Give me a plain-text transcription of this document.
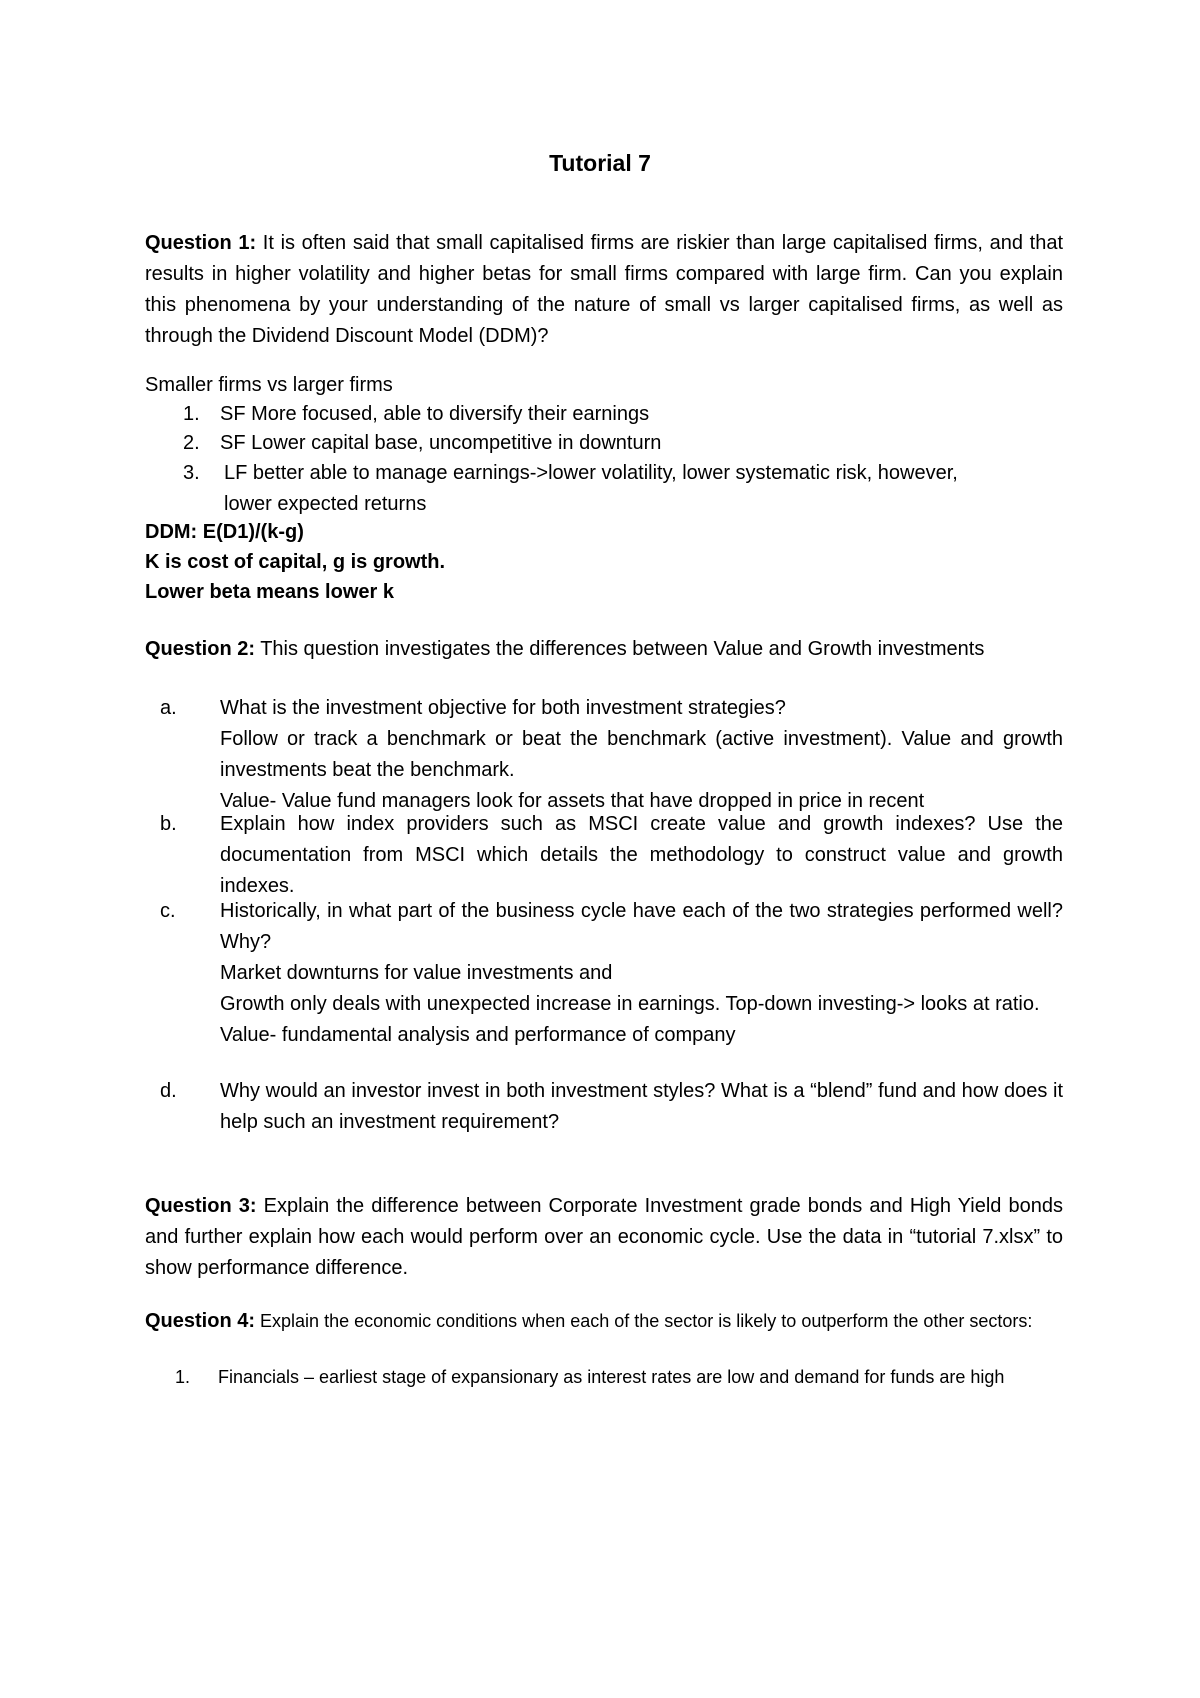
Tutorial 7
Question 1: It is often said that small capitalised firms are riskier than large capitalised firms, and that results in higher volatility and higher betas for small firms compared with large firm. Can you explain this phenomena by your understanding of the nature of small vs larger capitalised firms, as well as through the Dividend Discount Model (DDM)?
Smaller firms vs larger firms
1. SF More focused, able to diversify their earnings
2. SF Lower capital base, uncompetitive in downturn
3. LF better able to manage earnings->lower volatility, lower systematic risk, however, lower expected returns
DDM: E(D1)/(k-g)
K is cost of capital, g is growth.
Lower beta means lower k
Question 2: This question investigates the differences between Value and Growth investments
a. What is the investment objective for both investment strategies?
Follow or track a benchmark or beat the benchmark (active investment). Value and growth investments beat the benchmark.
Value- Value fund managers look for assets that have dropped in price in recent
b. Explain how index providers such as MSCI create value and growth indexes? Use the documentation from MSCI which details the methodology to construct value and growth indexes.
c. Historically, in what part of the business cycle have each of the two strategies performed well? Why?
Market downturns for value investments and
Growth only deals with unexpected increase in earnings. Top-down investing-> looks at ratio.
Value- fundamental analysis and performance of company
d. Why would an investor invest in both investment styles? What is a “blend” fund and how does it help such an investment requirement?
Question 3: Explain the difference between Corporate Investment grade bonds and High Yield bonds and further explain how each would perform over an economic cycle. Use the data in “tutorial 7.xlsx” to show performance difference.
Question 4: Explain the economic conditions when each of the sector is likely to outperform the other sectors:
1. Financials – earliest stage of expansionary as interest rates are low and demand for funds are high
